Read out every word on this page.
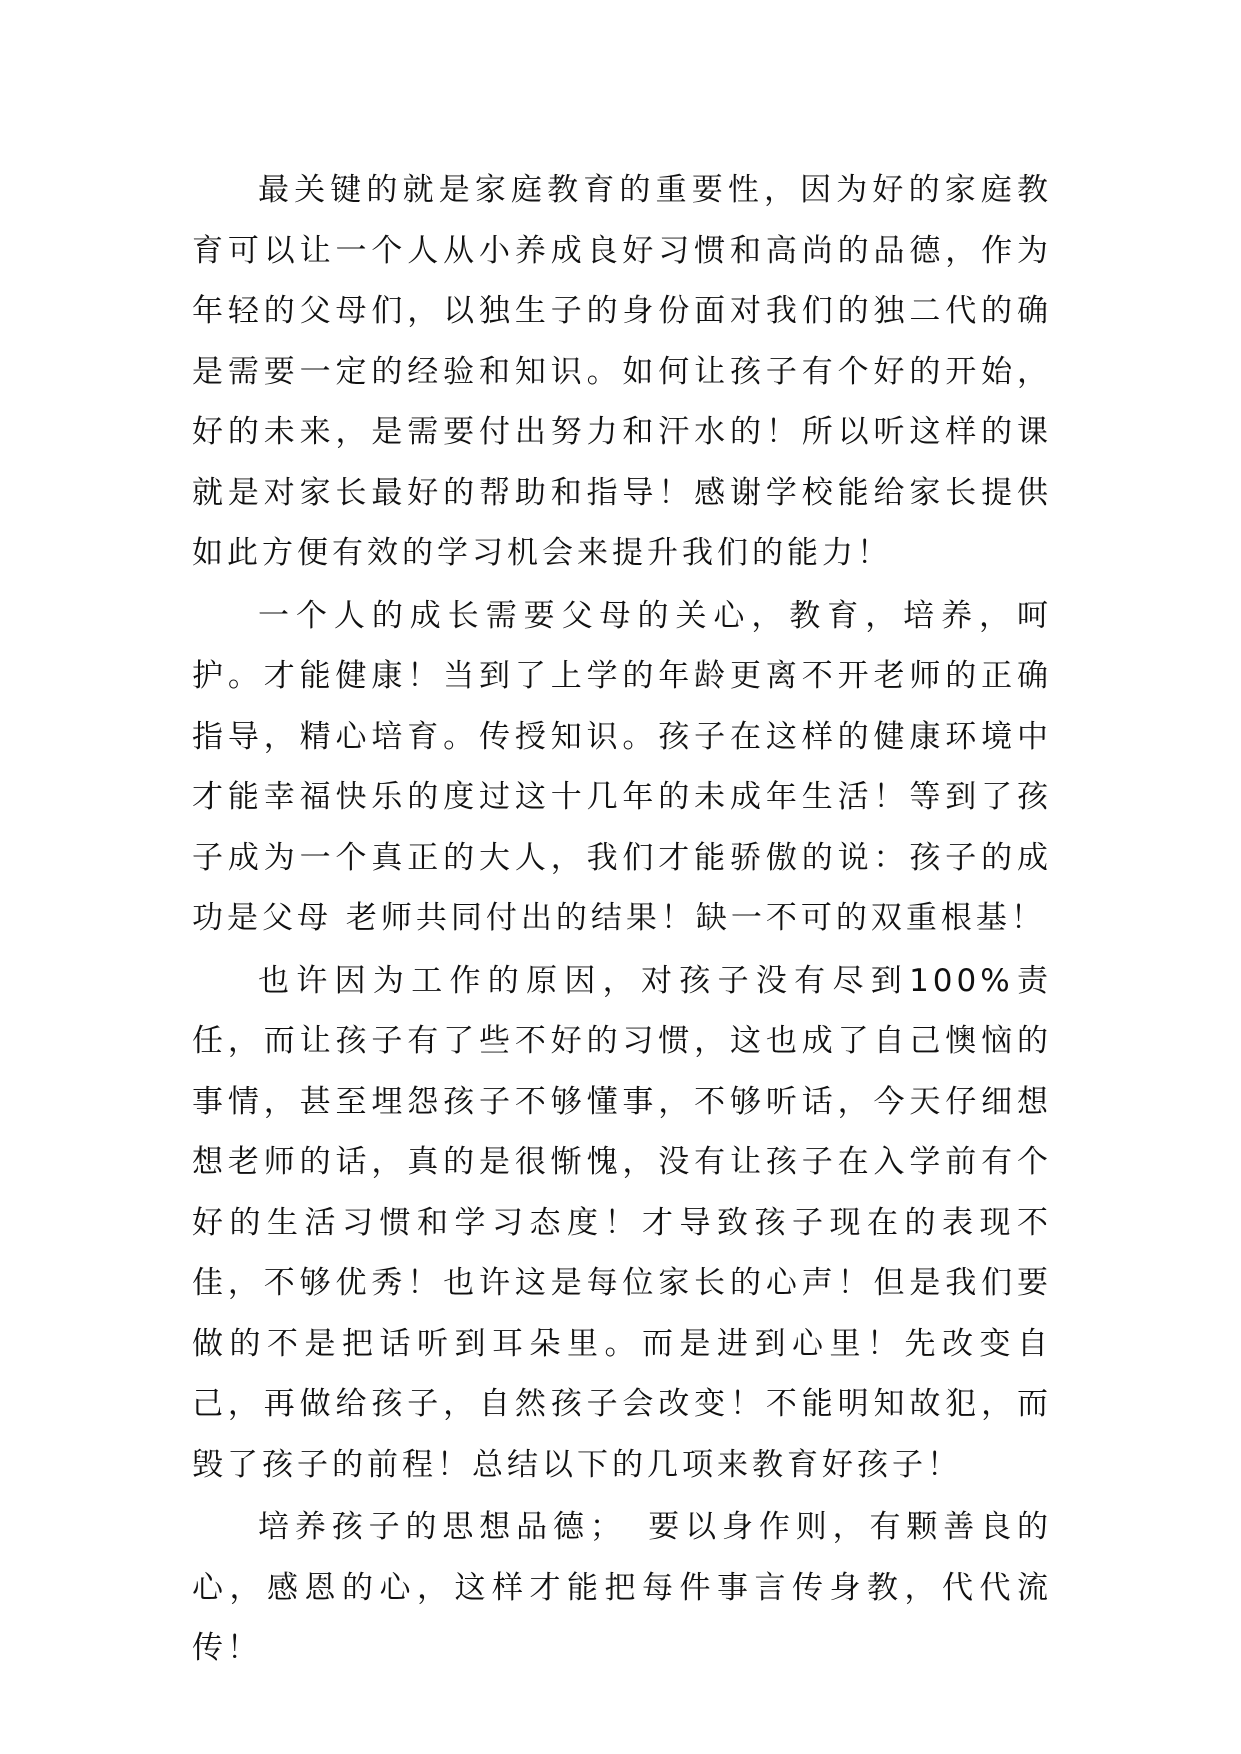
最关键的就是家庭教育的重要性，因为好的家庭教育可以让一个人从小养成良好习惯和高尚的品德，作为年轻的父母们，以独生子的身份面对我们的独二代的确是需要一定的经验和知识。如何让孩子有个好的开始，好的未来，是需要付出努力和汗水的！所以听这样的课就是对家长最好的帮助和指导！感谢学校能给家长提供如此方便有效的学习机会来提升我们的能力！

一个人的成长需要父母的关心，教育，培养，呵护。才能健康！当到了上学的年龄更离不开老师的正确指导，精心培育。传授知识。孩子在这样的健康环境中才能幸福快乐的度过这十几年的未成年生活！等到了孩子成为一个真正的大人，我们才能骄傲的说：孩子的成功是父母 老师共同付出的结果！缺一不可的双重根基！

也许因为工作的原因，对孩子没有尽到100%责任，而让孩子有了些不好的习惯，这也成了自己懊恼的事情，甚至埋怨孩子不够懂事，不够听话，今天仔细想想老师的话，真的是很惭愧，没有让孩子在入学前有个好的生活习惯和学习态度！才导致孩子现在的表现不佳，不够优秀！也许这是每位家长的心声！但是我们要做的不是把话听到耳朵里。而是进到心里！先改变自己，再做给孩子，自然孩子会改变！不能明知故犯，而毁了孩子的前程！总结以下的几项来教育好孩子！

培养孩子的思想品德；　要以身作则，有颗善良的心，感恩的心，这样才能把每件事言传身教，代代流传！
